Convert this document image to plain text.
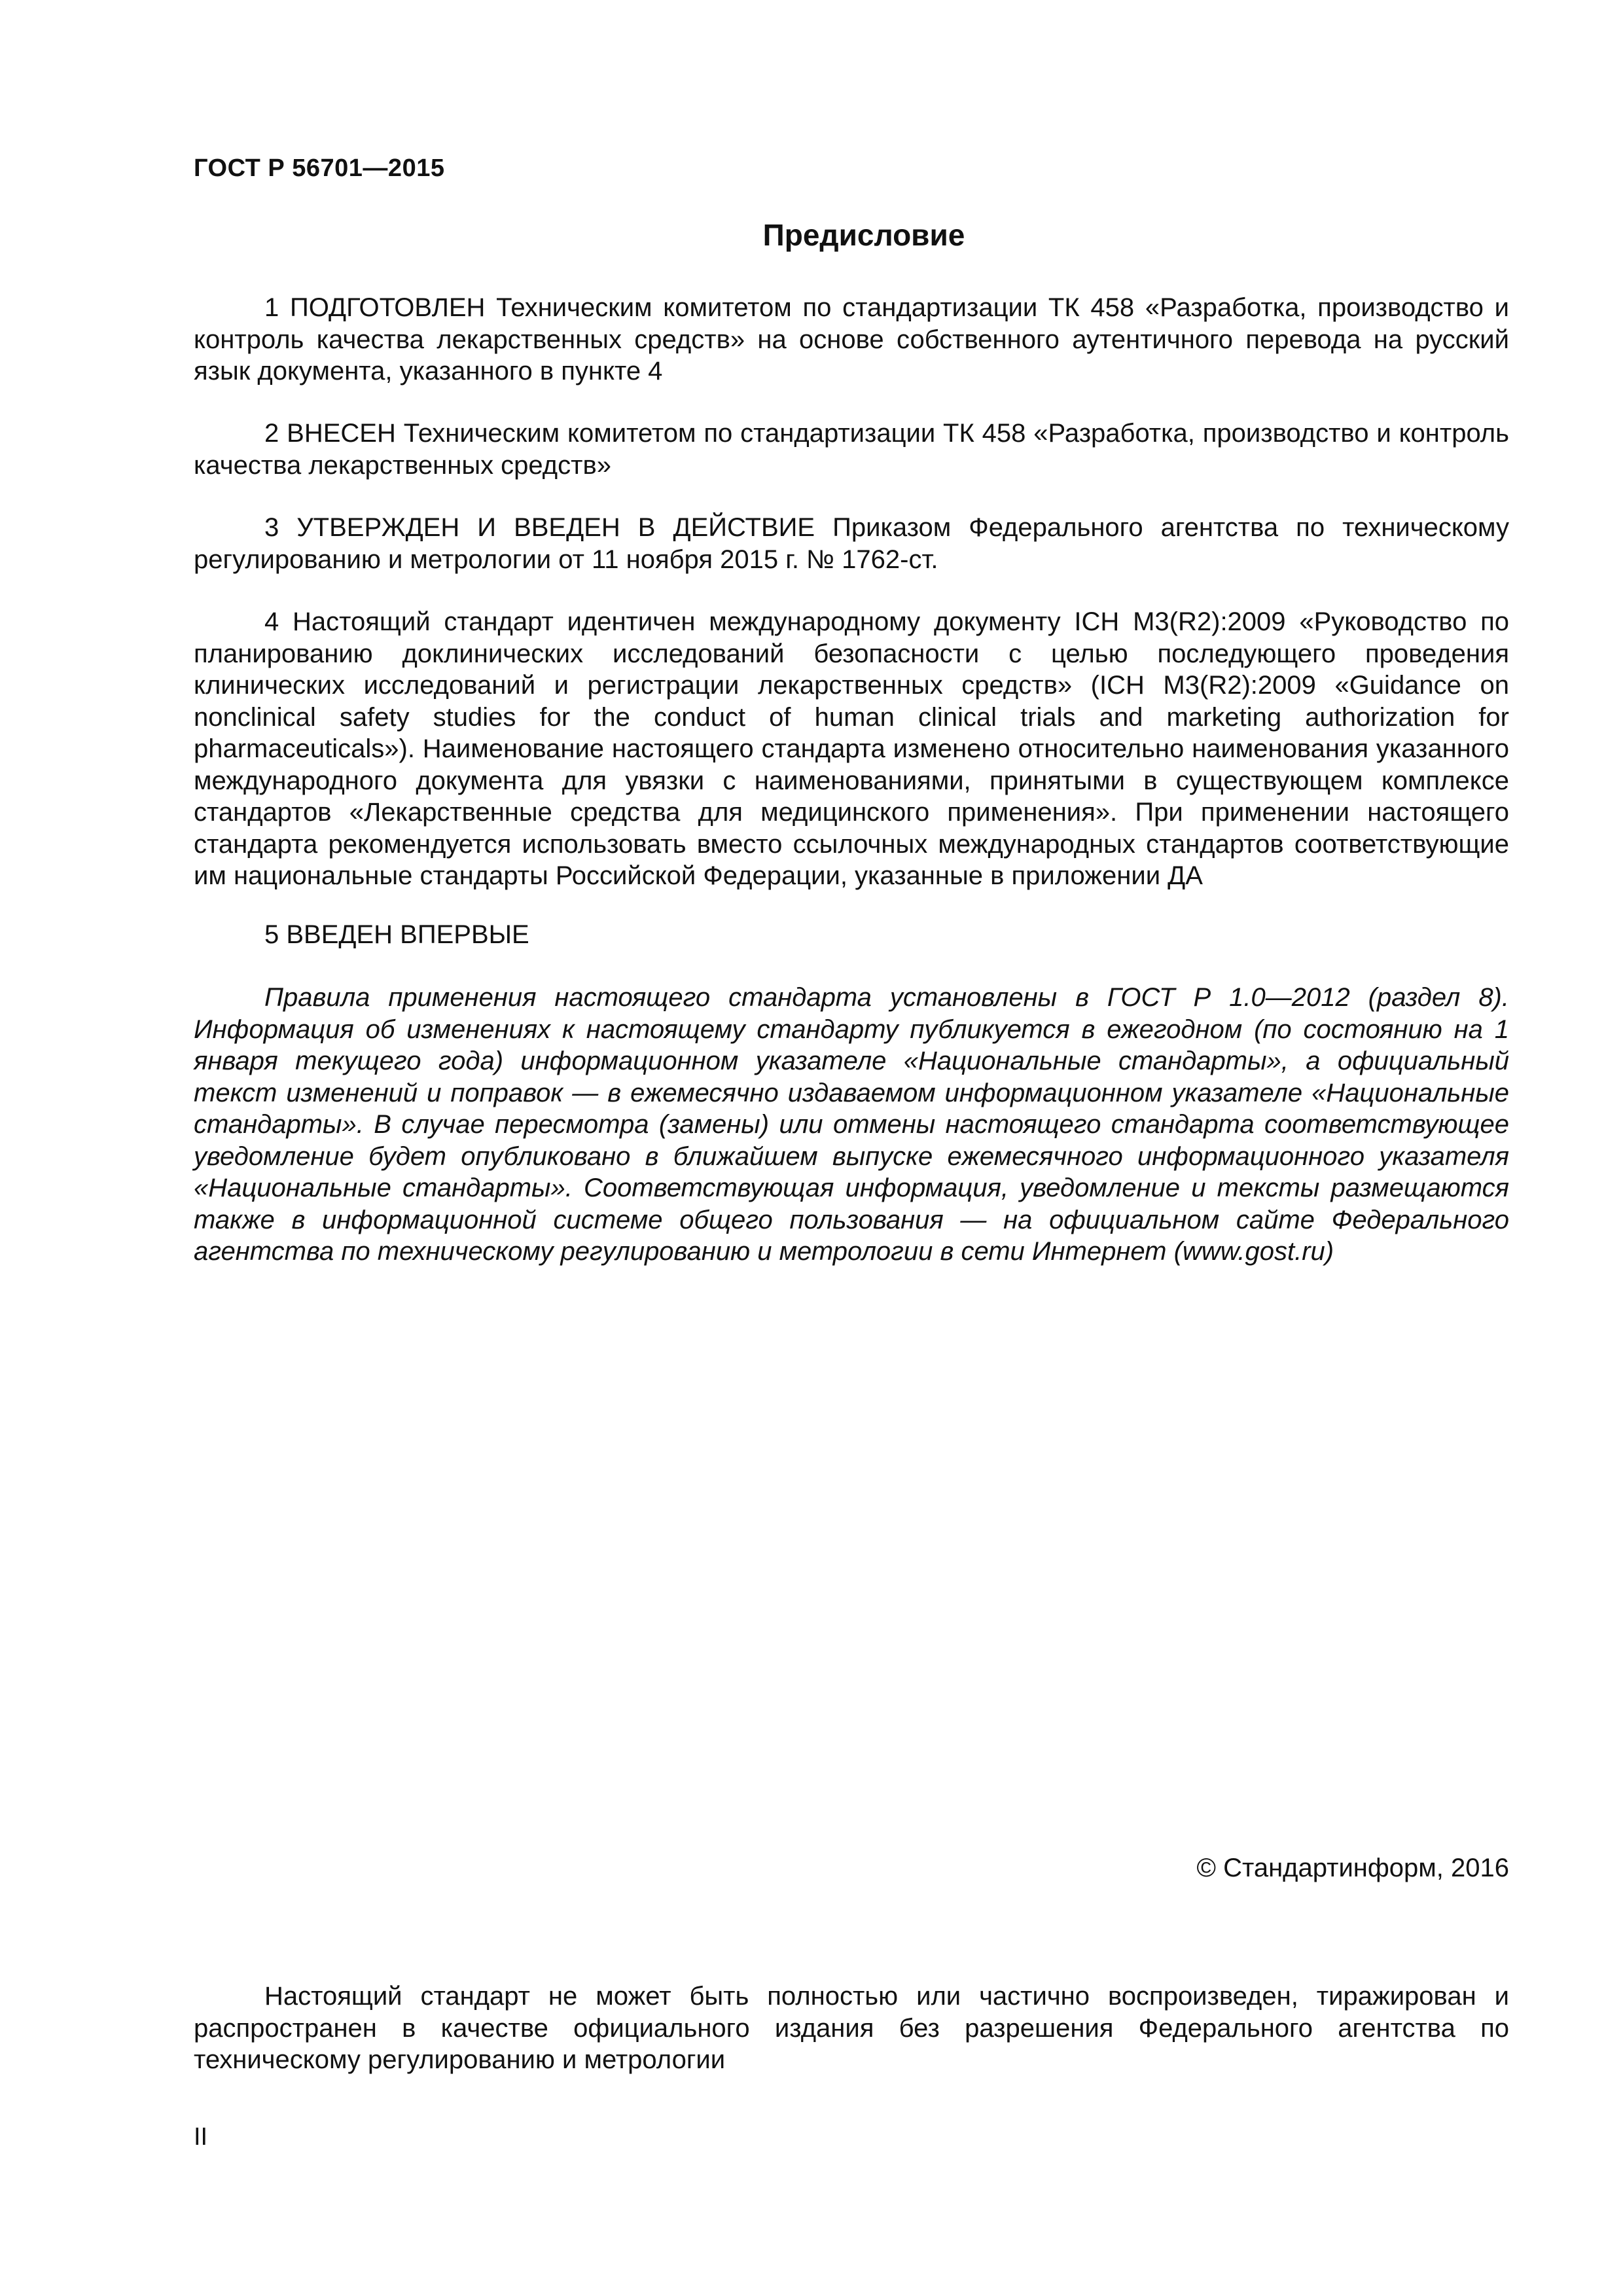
ГОСТ Р 56701—2015
Предисловие

1 ПОДГОТОВЛЕН Техническим комитетом по стандартизации ТК 458 «Разработка, производство и контроль качества лекарственных средств» на основе собственного аутентичного перевода на русский язык документа, указанного в пункте 4

2 ВНЕСЕН Техническим комитетом по стандартизации ТК 458 «Разработка, производство и контроль качества лекарственных средств»

3 УТВЕРЖДЕН И ВВЕДЕН В ДЕЙСТВИЕ Приказом Федерального агентства по техническому регулированию и метрологии от 11 ноября 2015 г. № 1762-ст.

4 Настоящий стандарт идентичен международному документу ICH M3(R2):2009 «Руководство по планированию доклинических исследований безопасности с целью последующего проведения клинических исследований и регистрации лекарственных средств» (ICH M3(R2):2009 «Guidance on nonclinical safety studies for the conduct of human clinical trials and marketing authorization for pharmaceuticals»). Наименование настоящего стандарта изменено относительно наименования указанного международного документа для увязки с наименованиями, принятыми в существующем комплексе стандартов «Лекарственные средства для медицинского применения». При применении настоящего стандарта рекомендуется использовать вместо ссылочных международных стандартов соответствующие им национальные стандарты Российской Федерации, указанные в приложении ДА

5 ВВЕДЕН ВПЕРВЫЕ

Правила применения настоящего стандарта установлены в ГОСТ Р 1.0—2012 (раздел 8). Информация об изменениях к настоящему стандарту публикуется в ежегодном (по состоянию на 1 января текущего года) информационном указателе «Национальные стандарты», а официальный текст изменений и поправок — в ежемесячно издаваемом информационном указателе «Национальные стандарты». В случае пересмотра (замены) или отмены настоящего стандарта соответствующее уведомление будет опубликовано в ближайшем выпуске ежемесячного информационного указателя «Национальные стандарты». Соответствующая информация, уведомление и тексты размещаются также в информационной системе общего пользования — на официальном сайте Федерального агентства по техническому регулированию и метрологии в сети Интернет (www.gost.ru)

© Стандартинформ, 2016

Настоящий стандарт не может быть полностью или частично воспроизведен, тиражирован и распространен в качестве официального издания без разрешения Федерального агентства по техническому регулированию и метрологии

II
